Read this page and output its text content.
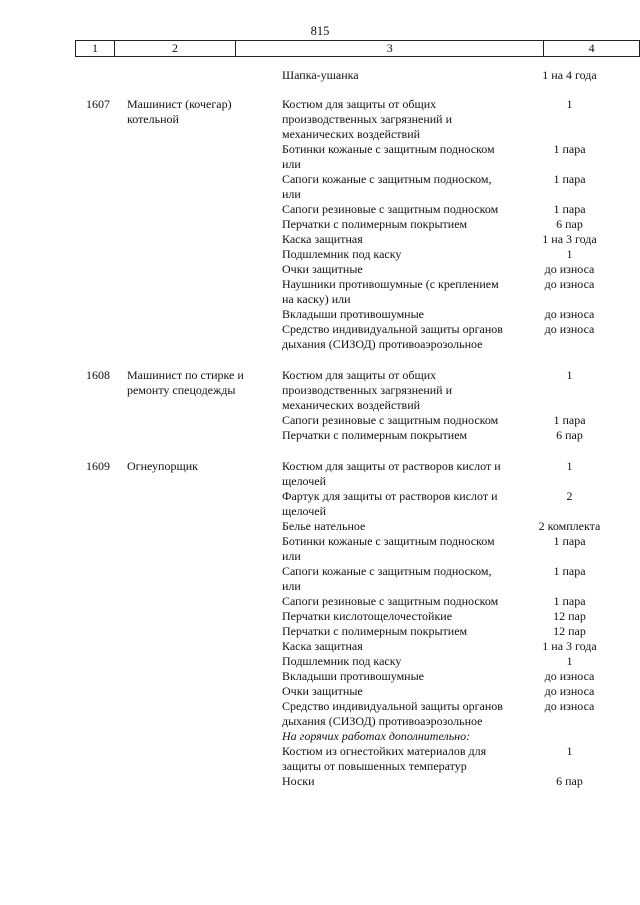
815
1	2	3	4
		Шапка-ушанка	1 на 4 года

1607	Машинист (кочегар) котельной	Костюм для защиты от общих производственных загрязнений и механических воздействий	1
		Ботинки кожаные с защитным подноском или	1 пара
		Сапоги кожаные с защитным подноском, или	1 пара
		Сапоги резиновые с защитным подноском	1 пара
		Перчатки с полимерным покрытием	6 пар
		Каска защитная	1 на 3 года
		Подшлемник под каску	1
		Очки защитные	до износа
		Наушники противошумные (с креплением на каску) или	до износа
		Вкладыши противошумные	до износа
		Средство индивидуальной защиты органов дыхания (СИЗОД) противоаэрозольное	до износа

1608	Машинист по стирке и ремонту спецодежды	Костюм для защиты от общих производственных загрязнений и механических воздействий	1
		Сапоги резиновые с защитным подноском	1 пара
		Перчатки с полимерным покрытием	6 пар

1609	Огнеупорщик	Костюм для защиты от растворов кислот и щелочей	1
		Фартук для защиты от растворов кислот и щелочей	2
		Белье нательное	2 комплекта
		Ботинки кожаные с защитным подноском или	1 пара
		Сапоги кожаные с защитным подноском, или	1 пара
		Сапоги резиновые с защитным подноском	1 пара
		Перчатки кислотощелочестойкие	12 пар
		Перчатки с полимерным покрытием	12 пар
		Каска защитная	1 на 3 года
		Подшлемник под каску	1
		Вкладыши противошумные	до износа
		Очки защитные	до износа
		Средство индивидуальной защиты органов дыхания (СИЗОД) противоаэрозольное	до износа
		На горячих работах дополнительно:	
		Костюм из огнестойких материалов для защиты от повышенных температур	1
		Носки	6 пар
